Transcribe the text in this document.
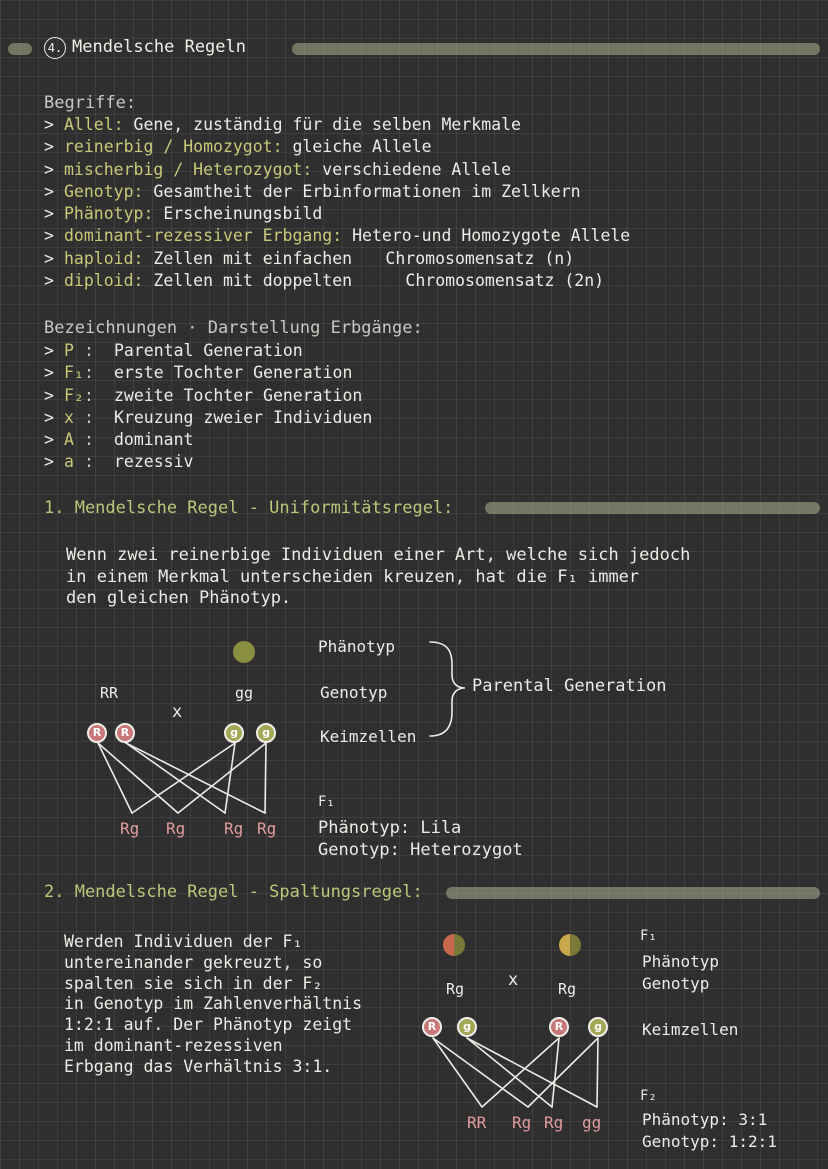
4. Mendelsche Regeln
Begriffe:
> Allel: Gene, zuständig für die selben Merkmale
> reinerbig / Homozygot: gleiche Allele
> mischerbig / Heterozygot: verschiedene Allele
> Genotyp: Gesamtheit der Erbinformationen im Zellkern
> Phänotyp: Erscheinungsbild
> dominant-rezessiver Erbgang: Hetero-und Homozygote Allele
> haploid: Zellen mit einfachen Chromosomensatz (n)
> diploid: Zellen mit doppelten	Chromosomensatz (2n)
Bezeichnungen · Darstellung Erbgänge:
> P : Parental Generation
> F₁: erste Tochter Generation
> F₂: zweite Tochter Generation
> x : Kreuzung zweier Individuen
> A : dominant
> a : rezessiv
1. Mendelsche Regel - Uniformitätsregel:
Wenn zwei reinerbige Individuen einer Art, welche sich jedoch
in einem Merkmal unterscheiden kreuzen, hat die F₁ immer
den gleichen Phänotyp.
RR	gg
x
R	R	g	g
Rg Rg Rg Rg
Phänotyp
Genotyp
Keimzellen
Parental Generation
F₁
Phänotyp: Lila
Genotyp: Heterozygot
2. Mendelsche Regel - Spaltungsregel:
Werden Individuen der F₁
untereinander gekreuzt, so
spalten sie sich in der F₂
in Genotyp im Zahlenverhältnis
1:2:1 auf. Der Phänotyp zeigt
im dominant-rezessiven
Erbgang das Verhältnis 3:1.
Rg	x	Rg
R	g	R	g
RR Rg Rg gg
F₁
Phänotyp
Genotyp
Keimzellen
F₂
Phänotyp: 3:1
Genotyp: 1:2:1
